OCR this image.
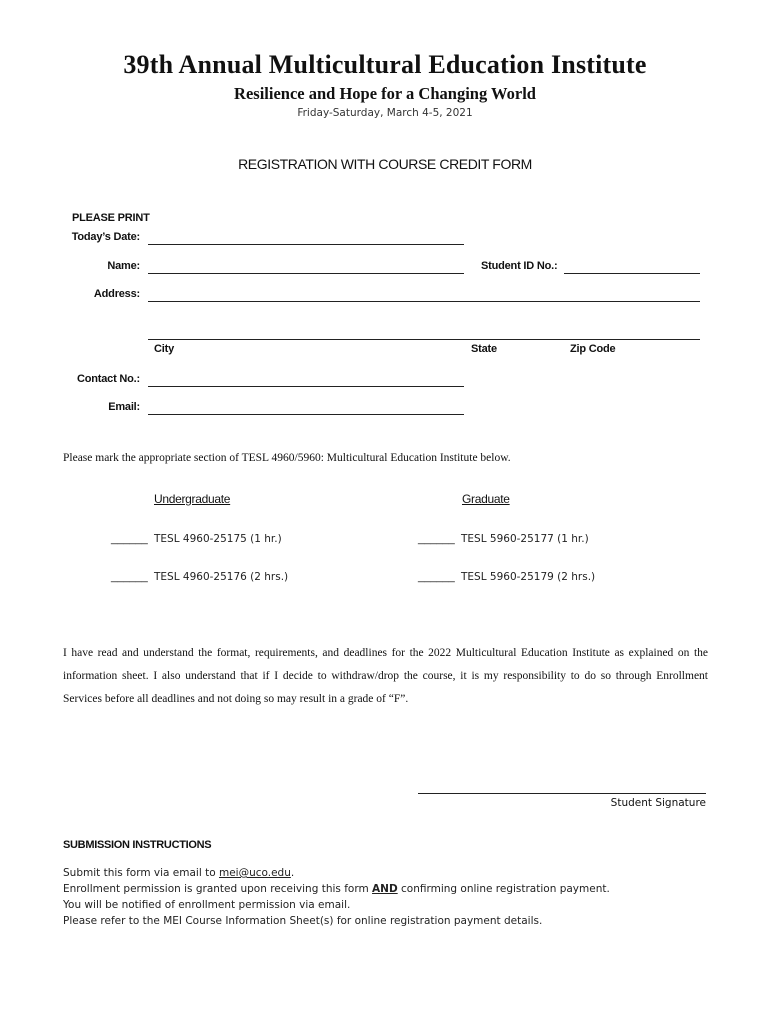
39th Annual Multicultural Education Institute
Resilience and Hope for a Changing World
Friday-Saturday, March 4-5, 2021
REGISTRATION WITH COURSE CREDIT FORM
PLEASE PRINT
Today’s Date:
Name:	Student ID No.:
Address:
City	State	Zip Code
Contact No.:
Email:
Please mark the appropriate section of TESL 4960/5960: Multicultural Education Institute below.
Undergraduate	Graduate
______ TESL 4960-25175 (1 hr.)	______ TESL 5960-25177 (1 hr.)
______ TESL 4960-25176 (2 hrs.)	______ TESL 5960-25179 (2 hrs.)
I have read and understand the format, requirements, and deadlines for the 2022 Multicultural Education Institute as explained on the information sheet. I also understand that if I decide to withdraw/drop the course, it is my responsibility to do so through Enrollment Services before all deadlines and not doing so may result in a grade of “F”.
Student Signature
SUBMISSION INSTRUCTIONS
Submit this form via email to mei@uco.edu.
Enrollment permission is granted upon receiving this form AND confirming online registration payment.
You will be notified of enrollment permission via email.
Please refer to the MEI Course Information Sheet(s) for online registration payment details.
